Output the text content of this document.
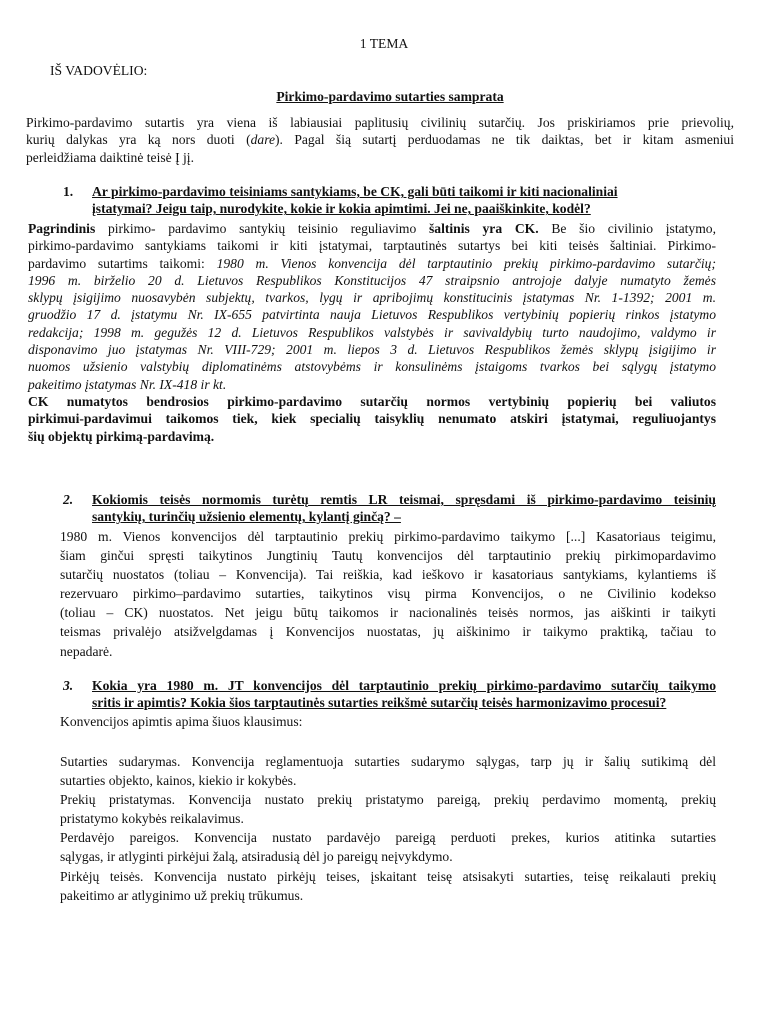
1 TEMA
IŠ VADOVĖLIO:
Pirkimo-pardavimo sutarties samprata
Pirkimo-pardavimo sutartis yra viena iš labiausiai paplitusių civilinių sutarčių. Jos priskiriamos prie prievolių,
kurių dalykas yra ką nors duoti (dare). Pagal šią sutartį perduodamas ne tik daiktas, bet ir kitam asmeniui
perleidžiama daiktinė teisė Į jį.
1. Ar pirkimo-pardavimo teisiniams santykiams, be CK, gali būti taikomi ir kiti nacionaliniai
įstatymai? Jeigu taip, nurodykite, kokie ir kokia apimtimi. Jei ne, paaiškinkite, kodėl?
Pagrindinis pirkimo- pardavimo santykių teisinio reguliavimo šaltinis yra CK. Be šio civilinio įstatymo,
pirkimo-pardavimo santykiams taikomi ir kiti įstatymai, tarptautinės sutartys bei kiti teisės šaltiniai. Pirkimo-
pardavimo sutartims taikomi: 1980 m. Vienos konvencija dėl tarptautinio prekių pirkimo-pardavimo sutarčių;
1996 m. birželio 20 d. Lietuvos Respublikos Konstitucijos 47 straipsnio antrojoje dalyje numatyto žemės
sklypų įsigijimo nuosavybėn subjektų, tvarkos, lygų ir apribojimų konstitucinis įstatymas Nr. 1-1392; 2001 m.
gruodžio 17 d. įstatymu Nr. IX-655 patvirtinta nauja Lietuvos Respublikos vertybinių popierių rinkos įstatymo
redakcija; 1998 m. gegužės 12 d. Lietuvos Respublikos valstybės ir savivaldybių turto naudojimo, valdymo ir
disponavimo juo įstatymas Nr. VIII-729; 2001 m. liepos 3 d. Lietuvos Respublikos žemės sklypų įsigijimo ir
nuomos užsienio valstybių diplomatinėms atstovybėms ir konsulinėms įstaigoms tvarkos bei sąlygų įstatymo
pakeitimo įstatymas Nr. IX-418 ir kt.
CK numatytos bendrosios pirkimo-pardavimo sutarčių normos vertybinių popierių bei valiutos
pirkimui-pardavimui taikomos tiek, kiek specialių taisyklių nenumato atskiri įstatymai, reguliuojantys
šių objektų pirkimą-pardavimą.
2. Kokiomis teisės normomis turėtų remtis LR teismai, spręsdami iš pirkimo-pardavimo teisinių
santykių, turinčių užsienio elementų, kylantį ginčą? –
1980 m. Vienos konvencijos dėl tarptautinio prekių pirkimo-pardavimo taikymo [...] Kasatoriaus teigimu,
šiam ginčui spręsti taikytinos Jungtinių Tautų konvencijos dėl tarptautinio prekių pirkimopardavimo
sutarčių nuostatos (toliau – Konvencija). Tai reiškia, kad ieškovo ir kasatoriaus santykiams, kylantiems iš
rezervuaro pirkimo–pardavimo sutarties, taikytinos visų pirma Konvencijos, o ne Civilinio kodekso
(toliau – CK) nuostatos. Net jeigu būtų taikomos ir nacionalinės teisės normos, jas aiškinti ir taikyti
teismas privalėjo atsižvelgdamas į Konvencijos nuostatas, jų aiškinimo ir taikymo praktiką, tačiau to
nepadarė.
3. Kokia yra 1980 m. JT konvencijos dėl tarptautinio prekių pirkimo-pardavimo sutarčių taikymo
sritis ir apimtis? Kokia šios tarptautinės sutarties reikšmė sutarčių teisės harmonizavimo procesui?
Konvencijos apimtis apima šiuos klausimus:
Sutarties sudarymas. Konvencija reglamentuoja sutarties sudarymo sąlygas, tarp jų ir šalių sutikimą dėl
sutarties objekto, kainos, kiekio ir kokybės.
Prekių pristatymas. Konvencija nustato prekių pristatymo pareigą, prekių perdavimo momentą, prekių
pristatymo kokybės reikalavimus.
Perdavėjo pareigos. Konvencija nustato pardavėjo pareigą perduoti prekes, kurios atitinka sutarties
sąlygas, ir atlyginti pirkėjui žalą, atsiradusią dėl jo pareigų neįvykdymo.
Pirkėjų teisės. Konvencija nustato pirkėjų teises, įskaitant teisę atsisakyti sutarties, teisę reikalauti prekių
pakeitimo ar atlyginimo už prekių trūkumus.
